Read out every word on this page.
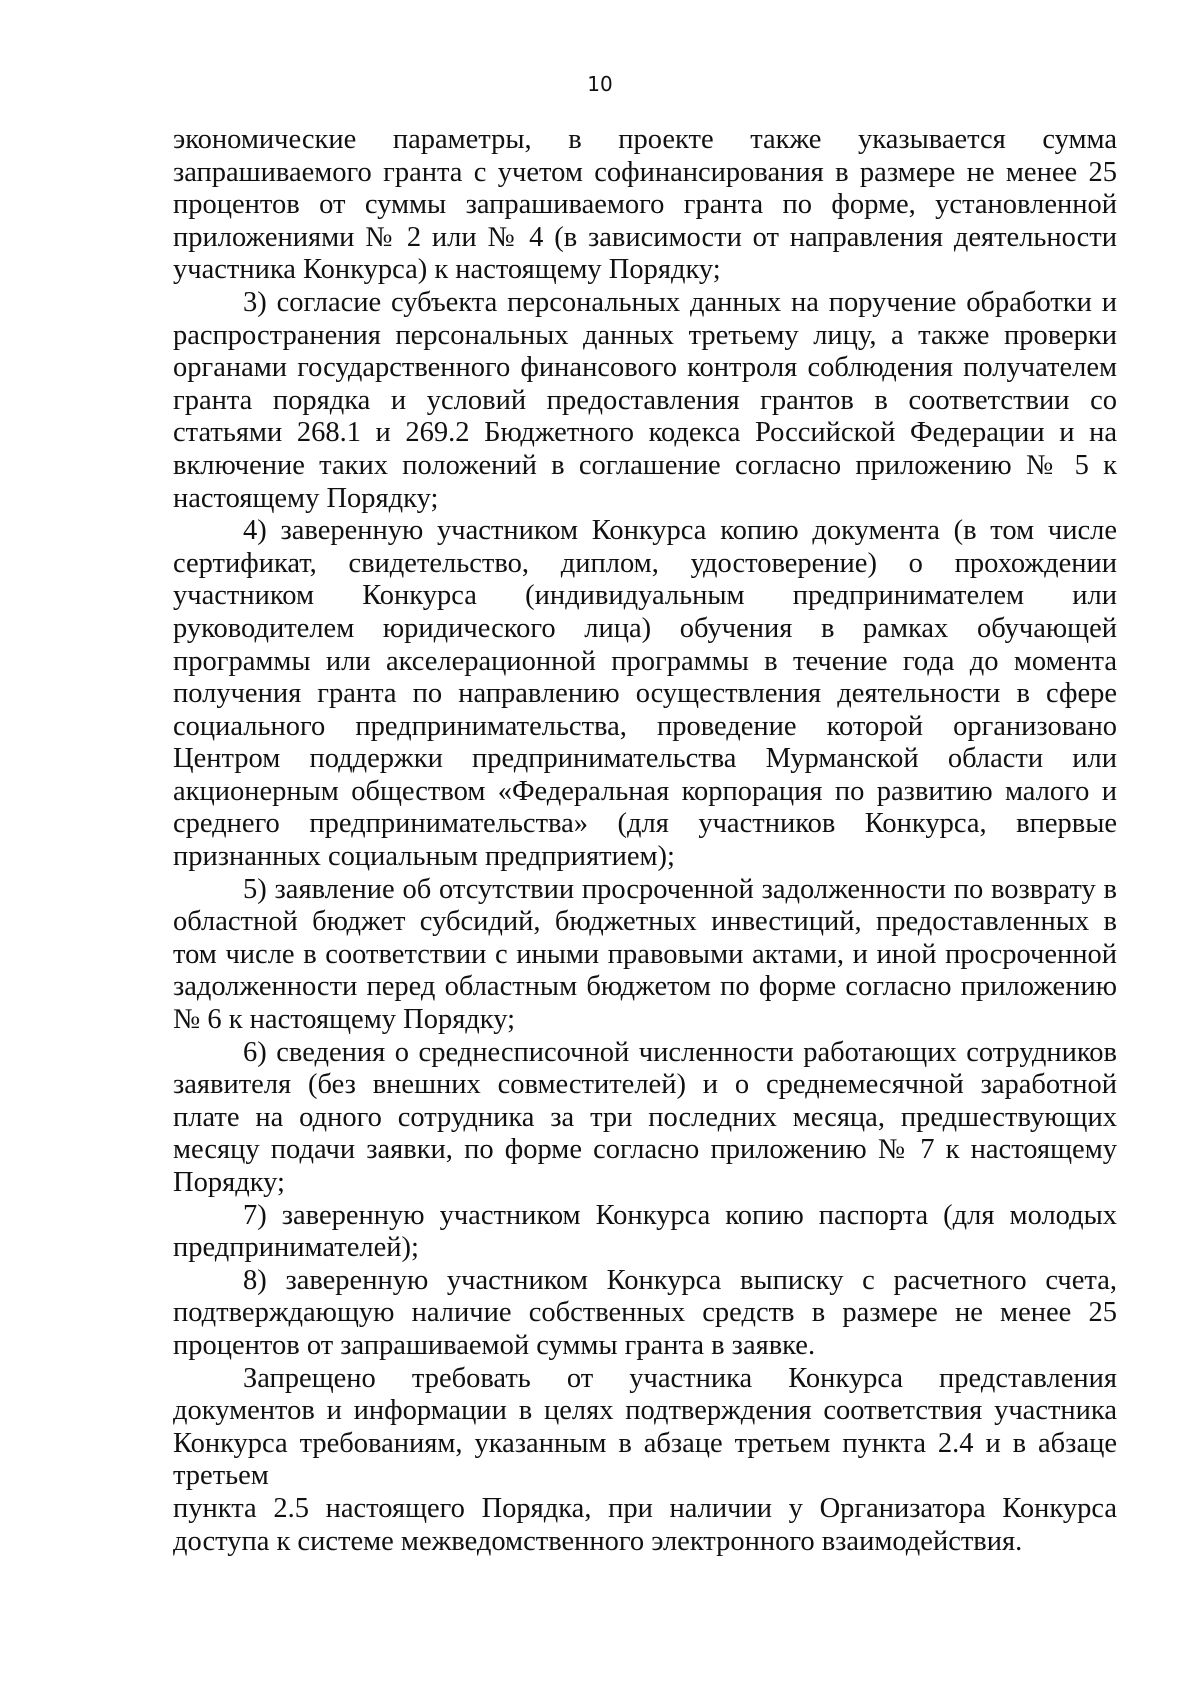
10

экономические параметры, в проекте также указывается сумма запрашиваемого гранта с учетом софинансирования в размере не менее 25 процентов от суммы запрашиваемого гранта по форме, установленной приложениями № 2 или № 4 (в зависимости от направления деятельности участника Конкурса) к настоящему Порядку;

3) согласие субъекта персональных данных на поручение обработки и распространения персональных данных третьему лицу, а также проверки органами государственного финансового контроля соблюдения получателем гранта порядка и условий предоставления грантов в соответствии со статьями 268.1 и 269.2 Бюджетного кодекса Российской Федерации и на включение таких положений в соглашение согласно приложению № 5 к настоящему Порядку;

4) заверенную участником Конкурса копию документа (в том числе сертификат, свидетельство, диплом, удостоверение) о прохождении участником Конкурса (индивидуальным предпринимателем или руководителем юридического лица) обучения в рамках обучающей программы или акселерационной программы в течение года до момента получения гранта по направлению осуществления деятельности в сфере социального предпринимательства, проведение которой организовано Центром поддержки предпринимательства Мурманской области или акционерным обществом «Федеральная корпорация по развитию малого и среднего предпринимательства» (для участников Конкурса, впервые признанных социальным предприятием);

5) заявление об отсутствии просроченной задолженности по возврату в областной бюджет субсидий, бюджетных инвестиций, предоставленных в том числе в соответствии с иными правовыми актами, и иной просроченной задолженности перед областным бюджетом по форме согласно приложению № 6 к настоящему Порядку;

6) сведения о среднесписочной численности работающих сотрудников заявителя (без внешних совместителей) и о среднемесячной заработной плате на одного сотрудника за три последних месяца, предшествующих месяцу подачи заявки, по форме согласно приложению № 7 к настоящему Порядку;

7) заверенную участником Конкурса копию паспорта (для молодых предпринимателей);

8) заверенную участником Конкурса выписку с расчетного счета, подтверждающую наличие собственных средств в размере не менее 25 процентов от запрашиваемой суммы гранта в заявке.

Запрещено требовать от участника Конкурса представления документов и информации в целях подтверждения соответствия участника Конкурса требованиям, указанным в абзаце третьем пункта 2.4 и в абзаце третьем

пункта 2.5 настоящего Порядка, при наличии у Организатора Конкурса доступа к системе межведомственного электронного взаимодействия.
